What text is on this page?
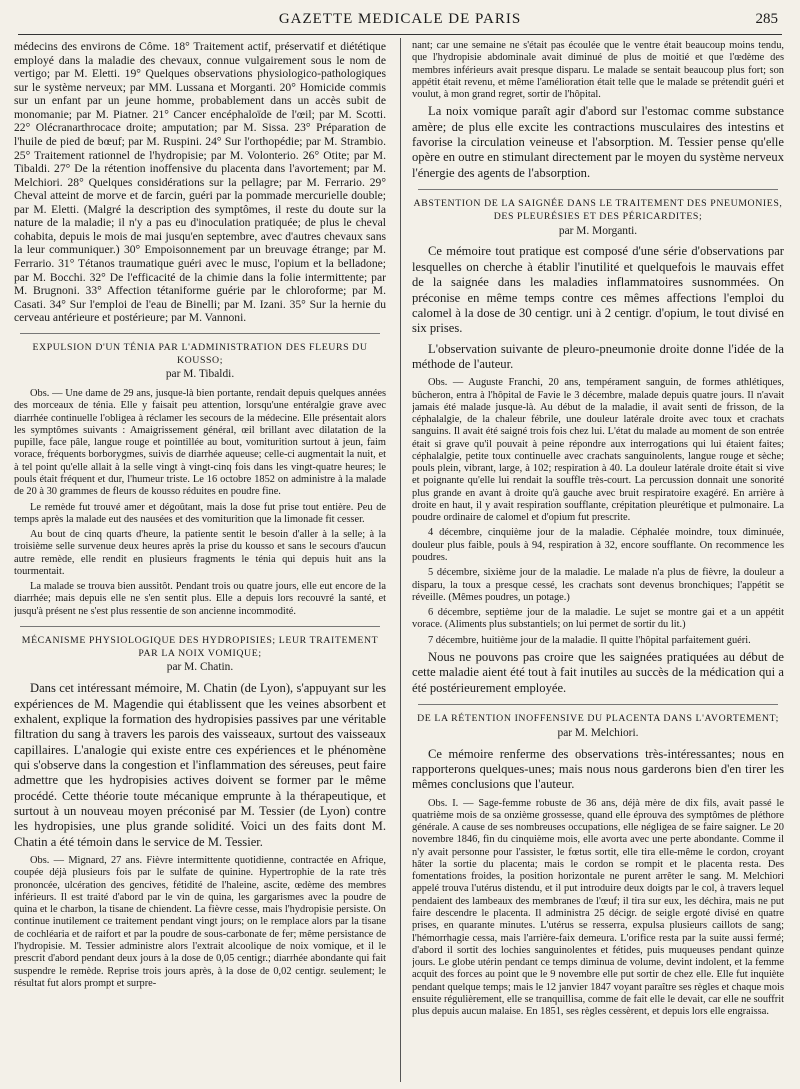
GAZETTE MEDICALE DE PARIS	285

médecins des environs de Côme. 18° Traitement actif, préservatif et diététique employé dans la maladie des chevaux, connue vulgairement sous le nom de vertigo; par M. Eletti. 19° Quelques observations physiologico-pathologiques sur le système nerveux; par MM. Lussana et Morganti. 20° Homicide commis sur un enfant par un jeune homme, probablement dans un accès subit de monomanie; par M. Piatner. 21° Cancer encéphaloïde de l'œil; par M. Scotti. 22° Olécranarthrocace droite; amputation; par M. Sissa. 23° Préparation de l'huile de pied de bœuf; par M. Ruspini. 24° Sur l'orthopédie; par M. Strambio. 25° Traitement rationnel de l'hydropisie; par M. Volonterio. 26° Otite; par M. Tibaldi. 27° De la rétention inoffensive du placenta dans l'avortement; par M. Melchiori. 28° Quelques considérations sur la pellagre; par M. Ferrario. 29° Cheval atteint de morve et de farcin, guéri par la pommade mercurielle double; par M. Eletti. (Malgré la description des symptômes, il reste du doute sur la nature de la maladie; il n'y a pas eu d'inoculation pratiquée; de plus le cheval cohabita, depuis le mois de mai jusqu'en septembre, avec d'autres chevaux sans la leur communiquer.) 30° Empoisonnement par un breuvage étrange; par M. Ferrario. 31° Tétanos traumatique guéri avec le musc, l'opium et la belladone; par M. Bocchi. 32° De l'efficacité de la chimie dans la folie intermittente; par M. Brugnoni. 33° Affection tétaniforme guérie par le chloroforme; par M. Casati. 34° Sur l'emploi de l'eau de Binelli; par M. Izani. 35° Sur la hernie du cerveau antérieure et postérieure; par M. Vannoni.

EXPULSION D'UN TÉNIA PAR L'ADMINISTRATION DES FLEURS DU KOUSSO;
par M. Tibaldi.

Obs. — Une dame de 29 ans, jusque-là bien portante, rendait depuis quelques années des morceaux de ténia. Elle y faisait peu attention, lorsqu'une entéralgie grave avec diarrhée continuelle l'obligea à réclamer les secours de la médecine. Elle présentait alors les symptômes suivants : Amaigrissement général, œil brillant avec dilatation de la pupille, face pâle, langue rouge et pointillée au bout, vomiturition surtout à jeun, faim vorace, fréquents borborygmes, suivis de diarrhée aqueuse; celle-ci augmentait la nuit, et à tel point qu'elle allait à la selle vingt à vingt-cinq fois dans les vingt-quatre heures; le pouls était fréquent et dur, l'humeur triste. Le 16 octobre 1852 on administre à la malade de 20 à 30 grammes de fleurs de kousso réduites en poudre fine.

Le remède fut trouvé amer et dégoûtant, mais la dose fut prise tout entière. Peu de temps après la malade eut des nausées et des vomiturition que la limonade fit cesser.

Au bout de cinq quarts d'heure, la patiente sentit le besoin d'aller à la selle; à la troisième selle survenue deux heures après la prise du kousso et sans le secours d'aucun autre remède, elle rendit en plusieurs fragments le ténia qui depuis huit ans la tourmentait.

La malade se trouva bien aussitôt. Pendant trois ou quatre jours, elle eut encore de la diarrhée; mais depuis elle ne s'en sentit plus. Elle a depuis lors recouvré la santé, et jusqu'à présent ne s'est plus ressentie de son ancienne incommodité.

MÉCANISME PHYSIOLOGIQUE DES HYDROPISIES; LEUR TRAITEMENT PAR LA NOIX VOMIQUE;
par M. Chatin.

Dans cet intéressant mémoire, M. Chatin (de Lyon), s'appuyant sur les expériences de M. Magendie qui établissent que les veines absorbent et exhalent, explique la formation des hydropisies passives par une véritable filtration du sang à travers les parois des vaisseaux, surtout des vaisseaux capillaires. L'analogie qui existe entre ces expériences et le phénomène qui s'observe dans la congestion et l'inflammation des séreuses, peut faire admettre que les hydropisies actives doivent se former par le même procédé. Cette théorie toute mécanique emprunte à la thérapeutique, et surtout à un nouveau moyen préconisé par M. Tessier (de Lyon) contre les hydropisies, une plus grande solidité. Voici un des faits dont M. Chatin a été témoin dans le service de M. Tessier.

Obs. — Mignard, 27 ans. Fièvre intermittente quotidienne, contractée en Afrique, coupée déjà plusieurs fois par le sulfate de quinine. Hypertrophie de la rate très prononcée, ulcération des gencives, fétidité de l'haleine, ascite, œdème des membres inférieurs. Il est traité d'abord par le vin de quina, les gargarismes avec la poudre de quina et le charbon, la tisane de chiendent. La fièvre cesse, mais l'hydropisie persiste. On continue inutilement ce traitement pendant vingt jours; on le remplace alors par la tisane de cochléaria et de raifort et par la poudre de sous-carbonate de fer; même persistance de l'hydropisie. M. Tessier administre alors l'extrait alcoolique de noix vomique, et il le prescrit d'abord pendant deux jours à la dose de 0,05 centigr.; diarrhée abondante qui fait suspendre le remède. Reprise trois jours après, à la dose de 0,02 centigr. seulement; le résultat fut alors prompt et surpre-

nant; car une semaine ne s'était pas écoulée que le ventre était beaucoup moins tendu, que l'hydropisie abdominale avait diminué de plus de moitié et que l'œdème des membres inférieurs avait presque disparu. Le malade se sentait beaucoup plus fort; son appétit était revenu, et même l'amélioration était telle que le malade se prétendit guéri et voulut, à mon grand regret, sortir de l'hôpital.

La noix vomique paraît agir d'abord sur l'estomac comme substance amère; de plus elle excite les contractions musculaires des intestins et favorise la circulation veineuse et l'absorption. M. Tessier pense qu'elle opère en outre en stimulant directement par le moyen du système nerveux l'énergie des agents de l'absorption.

ABSTENTION DE LA SAIGNÉE DANS LE TRAITEMENT DES PNEUMONIES, DES PLEURÉSIES ET DES PÉRICARDITES;
par M. Morganti.

Ce mémoire tout pratique est composé d'une série d'observations par lesquelles on cherche à établir l'inutilité et quelquefois le mauvais effet de la saignée dans les maladies inflammatoires susnommées. On préconise en même temps contre ces mêmes affections l'emploi du calomel à la dose de 30 centigr. uni à 2 centigr. d'opium, le tout divisé en six prises.

L'observation suivante de pleuro-pneumonie droite donne l'idée de la méthode de l'auteur.

Obs. — Auguste Franchi, 20 ans, tempérament sanguin, de formes athlétiques, bûcheron, entra à l'hôpital de Favie le 3 décembre, malade depuis quatre jours. Il n'avait jamais été malade jusque-là. Au début de la maladie, il avait senti de frisson, de la céphalalgie, de la chaleur fébrile, une douleur latérale droite avec toux et crachats sanguins. Il avait été saigné trois fois chez lui. L'état du malade au moment de son entrée était si grave qu'il pouvait à peine répondre aux interrogations qui lui étaient faites; céphalalgie, petite toux continuelle avec crachats sanguinolents, langue rouge et sèche; pouls plein, vibrant, large, à 102; respiration à 40. La douleur latérale droite était si vive et poignante qu'elle lui rendait la souffle très-court. La percussion donnait une sonorité plus grande en avant à droite qu'à gauche avec bruit respiratoire exagéré. En arrière à droite en haut, il y avait respiration soufflante, crépitation pleurétique et pulmonaire. La poudre ordinaire de calomel et d'opium fut prescrite.

4 décembre, cinquième jour de la maladie. Céphalée moindre, toux diminuée, douleur plus faible, pouls à 94, respiration à 32, encore soufflante. On recommence les poudres.

5 décembre, sixième jour de la maladie. Le malade n'a plus de fièvre, la douleur a disparu, la toux a presque cessé, les crachats sont devenus bronchiques; l'appétit se réveille. (Mêmes poudres, un potage.)

6 décembre, septième jour de la maladie. Le sujet se montre gai et a un appétit vorace. (Aliments plus substantiels; on lui permet de sortir du lit.)

7 décembre, huitième jour de la maladie. Il quitte l'hôpital parfaitement guéri.

Nous ne pouvons pas croire que les saignées pratiquées au début de cette maladie aient été tout à fait inutiles au succès de la médication qui a été postérieurement employée.

DE LA RÉTENTION INOFFENSIVE DU PLACENTA DANS L'AVORTEMENT;
par M. Melchiori.

Ce mémoire renferme des observations très-intéressantes; nous en rapporterons quelques-unes; mais nous nous garderons bien d'en tirer les mêmes conclusions que l'auteur.

Obs. I. — Sage-femme robuste de 36 ans, déjà mère de dix fils, avait passé le quatrième mois de sa onzième grossesse, quand elle éprouva des symptômes de pléthore générale. A cause de ses nombreuses occupations, elle négligea de se faire saigner. Le 20 novembre 1846, fin du cinquième mois, elle avorta avec une perte abondante. Comme il n'y avait personne pour l'assister, le fœtus sortit, elle tira elle-même le cordon, croyant hâter la sortie du placenta; mais le cordon se rompit et le placenta resta. Des fomentations froides, la position horizontale ne purent arrêter le sang. M. Melchiori appelé trouva l'utérus distendu, et il put introduire deux doigts par le col, à travers lequel pendaient des lambeaux des membranes de l'œuf; il tira sur eux, les déchira, mais ne put faire descendre le placenta. Il administra 25 décigr. de seigle ergoté divisé en quatre prises, en quarante minutes. L'utérus se resserra, expulsa plusieurs caillots de sang; l'hémorrhagie cessa, mais l'arrière-faix demeura. L'orifice resta par la suite aussi fermé; d'abord il sortit des lochies sanguinolentes et fétides, puis muqueuses pendant quinze jours. Le globe utérin pendant ce temps diminua de volume, devint indolent, et la femme acquit des forces au point que le 9 novembre elle put sortir de chez elle. Elle fut inquiète pendant quelque temps; mais le 12 janvier 1847 voyant paraître ses règles et chaque mois ensuite régulièrement, elle se tranquillisa, comme de fait elle le devait, car elle ne souffrit plus depuis aucun malaise. En 1851, ses règles cessèrent, et depuis lors elle engraissa.
